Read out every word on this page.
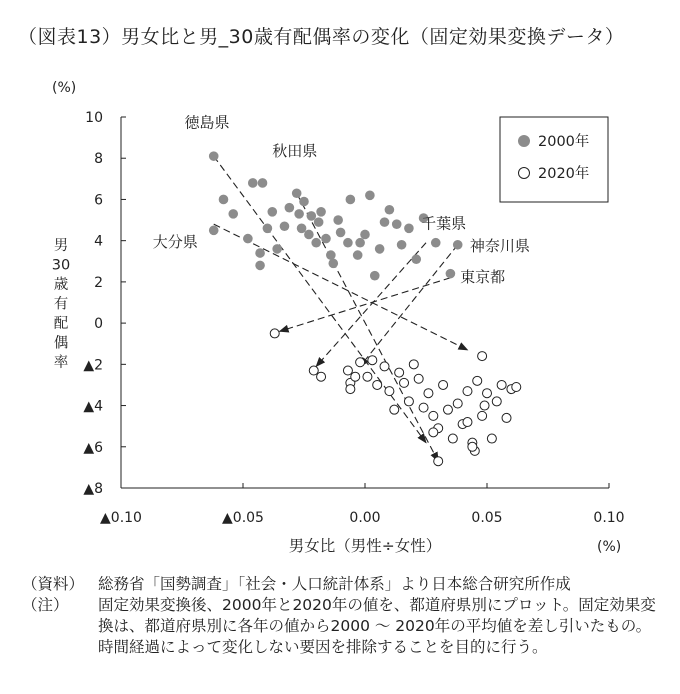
（図表13）男女比と男_30歳有配偶率の変化（固定効果変換データ）
10
8
6
4
2
0
▲2
▲4
▲6
▲8
▲0.10	▲0.05	0.00	0.05	0.10
(%)
(%)
男女比（男性÷女性）
男 30 歳有配偶率
徳島県
秋田県
大分県
千葉県
神奈川県
東京都
2000年
2020年
（資料） 総務省「国勢調査」「社会・人口統計体系」より日本総合研究所作成
（注）	固定効果変換後、2000年と2020年の値を、都道府県別にプロット。固定効果変換は、都道府県別に各年の値から2000 ～ 2020年の平均値を差し引いたもの。時間経過によって変化しない要因を排除することを目的に行う。
